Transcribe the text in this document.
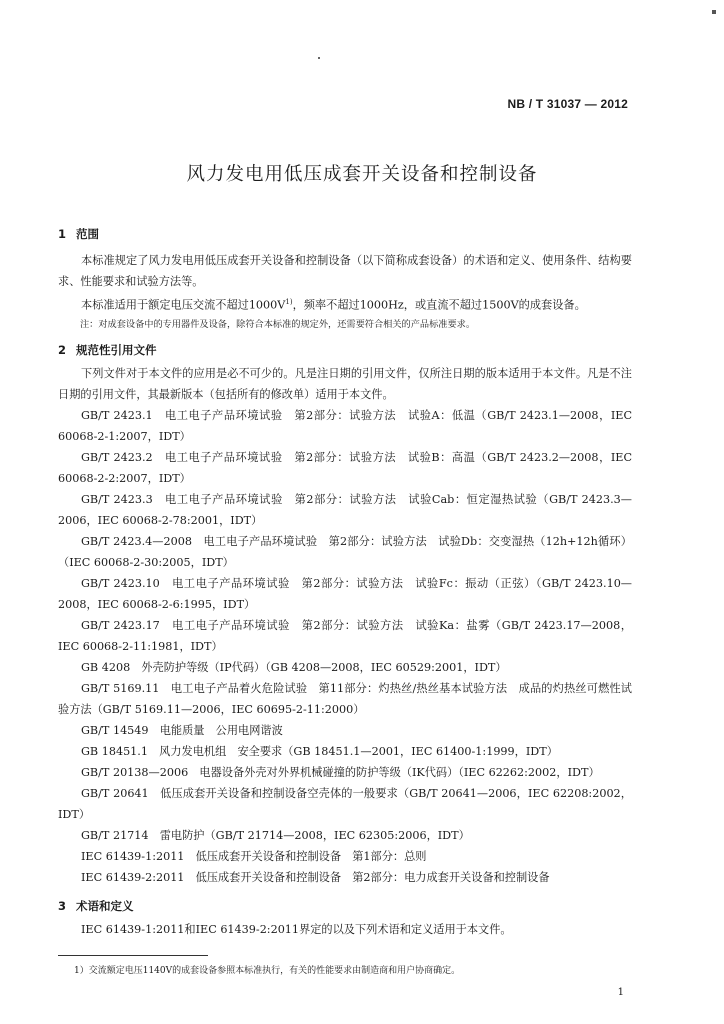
NB / T 31037 — 2012
风力发电用低压成套开关设备和控制设备
1 范围
本标准规定了风力发电用低压成套开关设备和控制设备（以下简称成套设备）的术语和定义、使用条件、结构要求、性能要求和试验方法等。
本标准适用于额定电压交流不超过$1000V^{1)}$，频率不超过1000Hz，或直流不超过1500V的成套设备。
注：对成套设备中的专用器件及设备，除符合本标准的规定外，还需要符合相关的产品标准要求。
2 规范性引用文件
下列文件对于本文件的应用是必不可少的。凡是注日期的引用文件，仅所注日期的版本适用于本文件。凡是不注日期的引用文件，其最新版本（包括所有的修改单）适用于本文件。
GB/T 2423.1　电工电子产品环境试验　第2部分：试验方法　试验A：低温（GB/T 2423.1—2008，IEC 60068-2-1:2007，IDT）
GB/T 2423.2　电工电子产品环境试验　第2部分：试验方法　试验B：高温（GB/T 2423.2—2008，IEC 60068-2-2:2007，IDT）
GB/T 2423.3　电工电子产品环境试验　第2部分：试验方法　试验Cab：恒定湿热试验（GB/T 2423.3—2006，IEC 60068-2-78:2001，IDT）
GB/T 2423.4—2008　电工电子产品环境试验　第2部分：试验方法　试验Db：交变湿热（12h+12h循环）（IEC 60068-2-30:2005，IDT）
GB/T 2423.10　电工电子产品环境试验　第2部分：试验方法　试验Fc：振动（正弦）（GB/T 2423.10—2008，IEC 60068-2-6:1995，IDT）
GB/T 2423.17　电工电子产品环境试验　第2部分：试验方法　试验Ka：盐雾（GB/T 2423.17—2008，IEC 60068-2-11:1981，IDT）
GB 4208　外壳防护等级（IP代码）（GB 4208—2008，IEC 60529:2001，IDT）
GB/T 5169.11　电工电子产品着火危险试验　第11部分：灼热丝/热丝基本试验方法　成品的灼热丝可燃性试验方法（GB/T 5169.11—2006，IEC 60695-2-11:2000）
GB/T 14549　电能质量　公用电网谐波
GB 18451.1　风力发电机组　安全要求（GB 18451.1—2001，IEC 61400-1:1999，IDT）
GB/T 20138—2006　电器设备外壳对外界机械碰撞的防护等级（IK代码）（IEC 62262:2002，IDT）
GB/T 20641　低压成套开关设备和控制设备空壳体的一般要求（GB/T 20641—2006，IEC 62208:2002，IDT）
GB/T 21714　雷电防护（GB/T 21714—2008，IEC 62305:2006，IDT）
IEC 61439-1:2011　低压成套开关设备和控制设备　第1部分：总则
IEC 61439-2:2011　低压成套开关设备和控制设备　第2部分：电力成套开关设备和控制设备
3 术语和定义
IEC 61439-1:2011和IEC 61439-2:2011界定的以及下列术语和定义适用于本文件。
1）交流额定电压1140V的成套设备参照本标准执行，有关的性能要求由制造商和用户协商确定。
1
